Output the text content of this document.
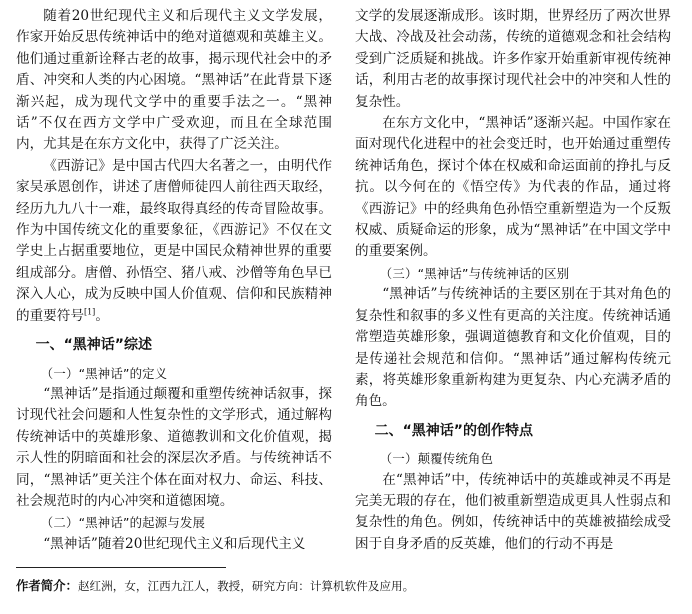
随着20世纪现代主义和后现代主义文学发展，作家开始反思传统神话中的绝对道德观和英雄主义。他们通过重新诠释古老的故事，揭示现代社会中的矛盾、冲突和人类的内心困境。“黑神话”在此背景下逐渐兴起，成为现代文学中的重要手法之一。“黑神话”不仅在西方文学中广受欢迎，而且在全球范围内，尤其是在东方文化中，获得了广泛关注。

《西游记》是中国古代四大名著之一，由明代作家吴承恩创作，讲述了唐僧师徒四人前往西天取经，经历九九八十一难，最终取得真经的传奇冒险故事。作为中国传统文化的重要象征，《西游记》不仅在文学史上占据重要地位，更是中国民众精神世界的重要组成部分。唐僧、孙悟空、猪八戒、沙僧等角色早已深入人心，成为反映中国人价值观、信仰和民族精神的重要符号[1]。

一、“黑神话”综述
（一）“黑神话”的定义

“黑神话”是指通过颠覆和重塑传统神话叙事，探讨现代社会问题和人性复杂性的文学形式，通过解构传统神话中的英雄形象、道德教训和文化价值观，揭示人性的阴暗面和社会的深层次矛盾。与传统神话不同，“黑神话”更关注个体在面对权力、命运、科技、社会规范时的内心冲突和道德困境。

（二）“黑神话”的起源与发展

“黑神话”随着20世纪现代主义和后现代主义

文学的发展逐渐成形。该时期，世界经历了两次世界大战、冷战及社会动荡，传统的道德观念和社会结构受到广泛质疑和挑战。许多作家开始重新审视传统神话，利用古老的故事探讨现代社会中的冲突和人性的复杂性。

在东方文化中，“黑神话”逐渐兴起。中国作家在面对现代化进程中的社会变迁时，也开始通过重塑传统神话角色，探讨个体在权威和命运面前的挣扎与反抗。以今何在的《悟空传》为代表的作品，通过将《西游记》中的经典角色孙悟空重新塑造为一个反叛权威、质疑命运的形象，成为“黑神话”在中国文学中的重要案例。

（三）“黑神话”与传统神话的区别

“黑神话”与传统神话的主要区别在于其对角色的复杂性和叙事的多义性有更高的关注度。传统神话通常塑造英雄形象，强调道德教育和文化价值观，目的是传递社会规范和信仰。“黑神话”通过解构传统元素，将英雄形象重新构建为更复杂、内心充满矛盾的角色。

二、“黑神话”的创作特点
（一）颠覆传统角色

在“黑神话”中，传统神话中的英雄或神灵不再是完美无瑕的存在，他们被重新塑造成更具人性弱点和复杂性的角色。例如，传统神话中的英雄被描绘成受困于自身矛盾的反英雄，他们的行动不再是

作者简介：赵红洲，女，江西九江人，教授，研究方向：计算机软件及应用。
